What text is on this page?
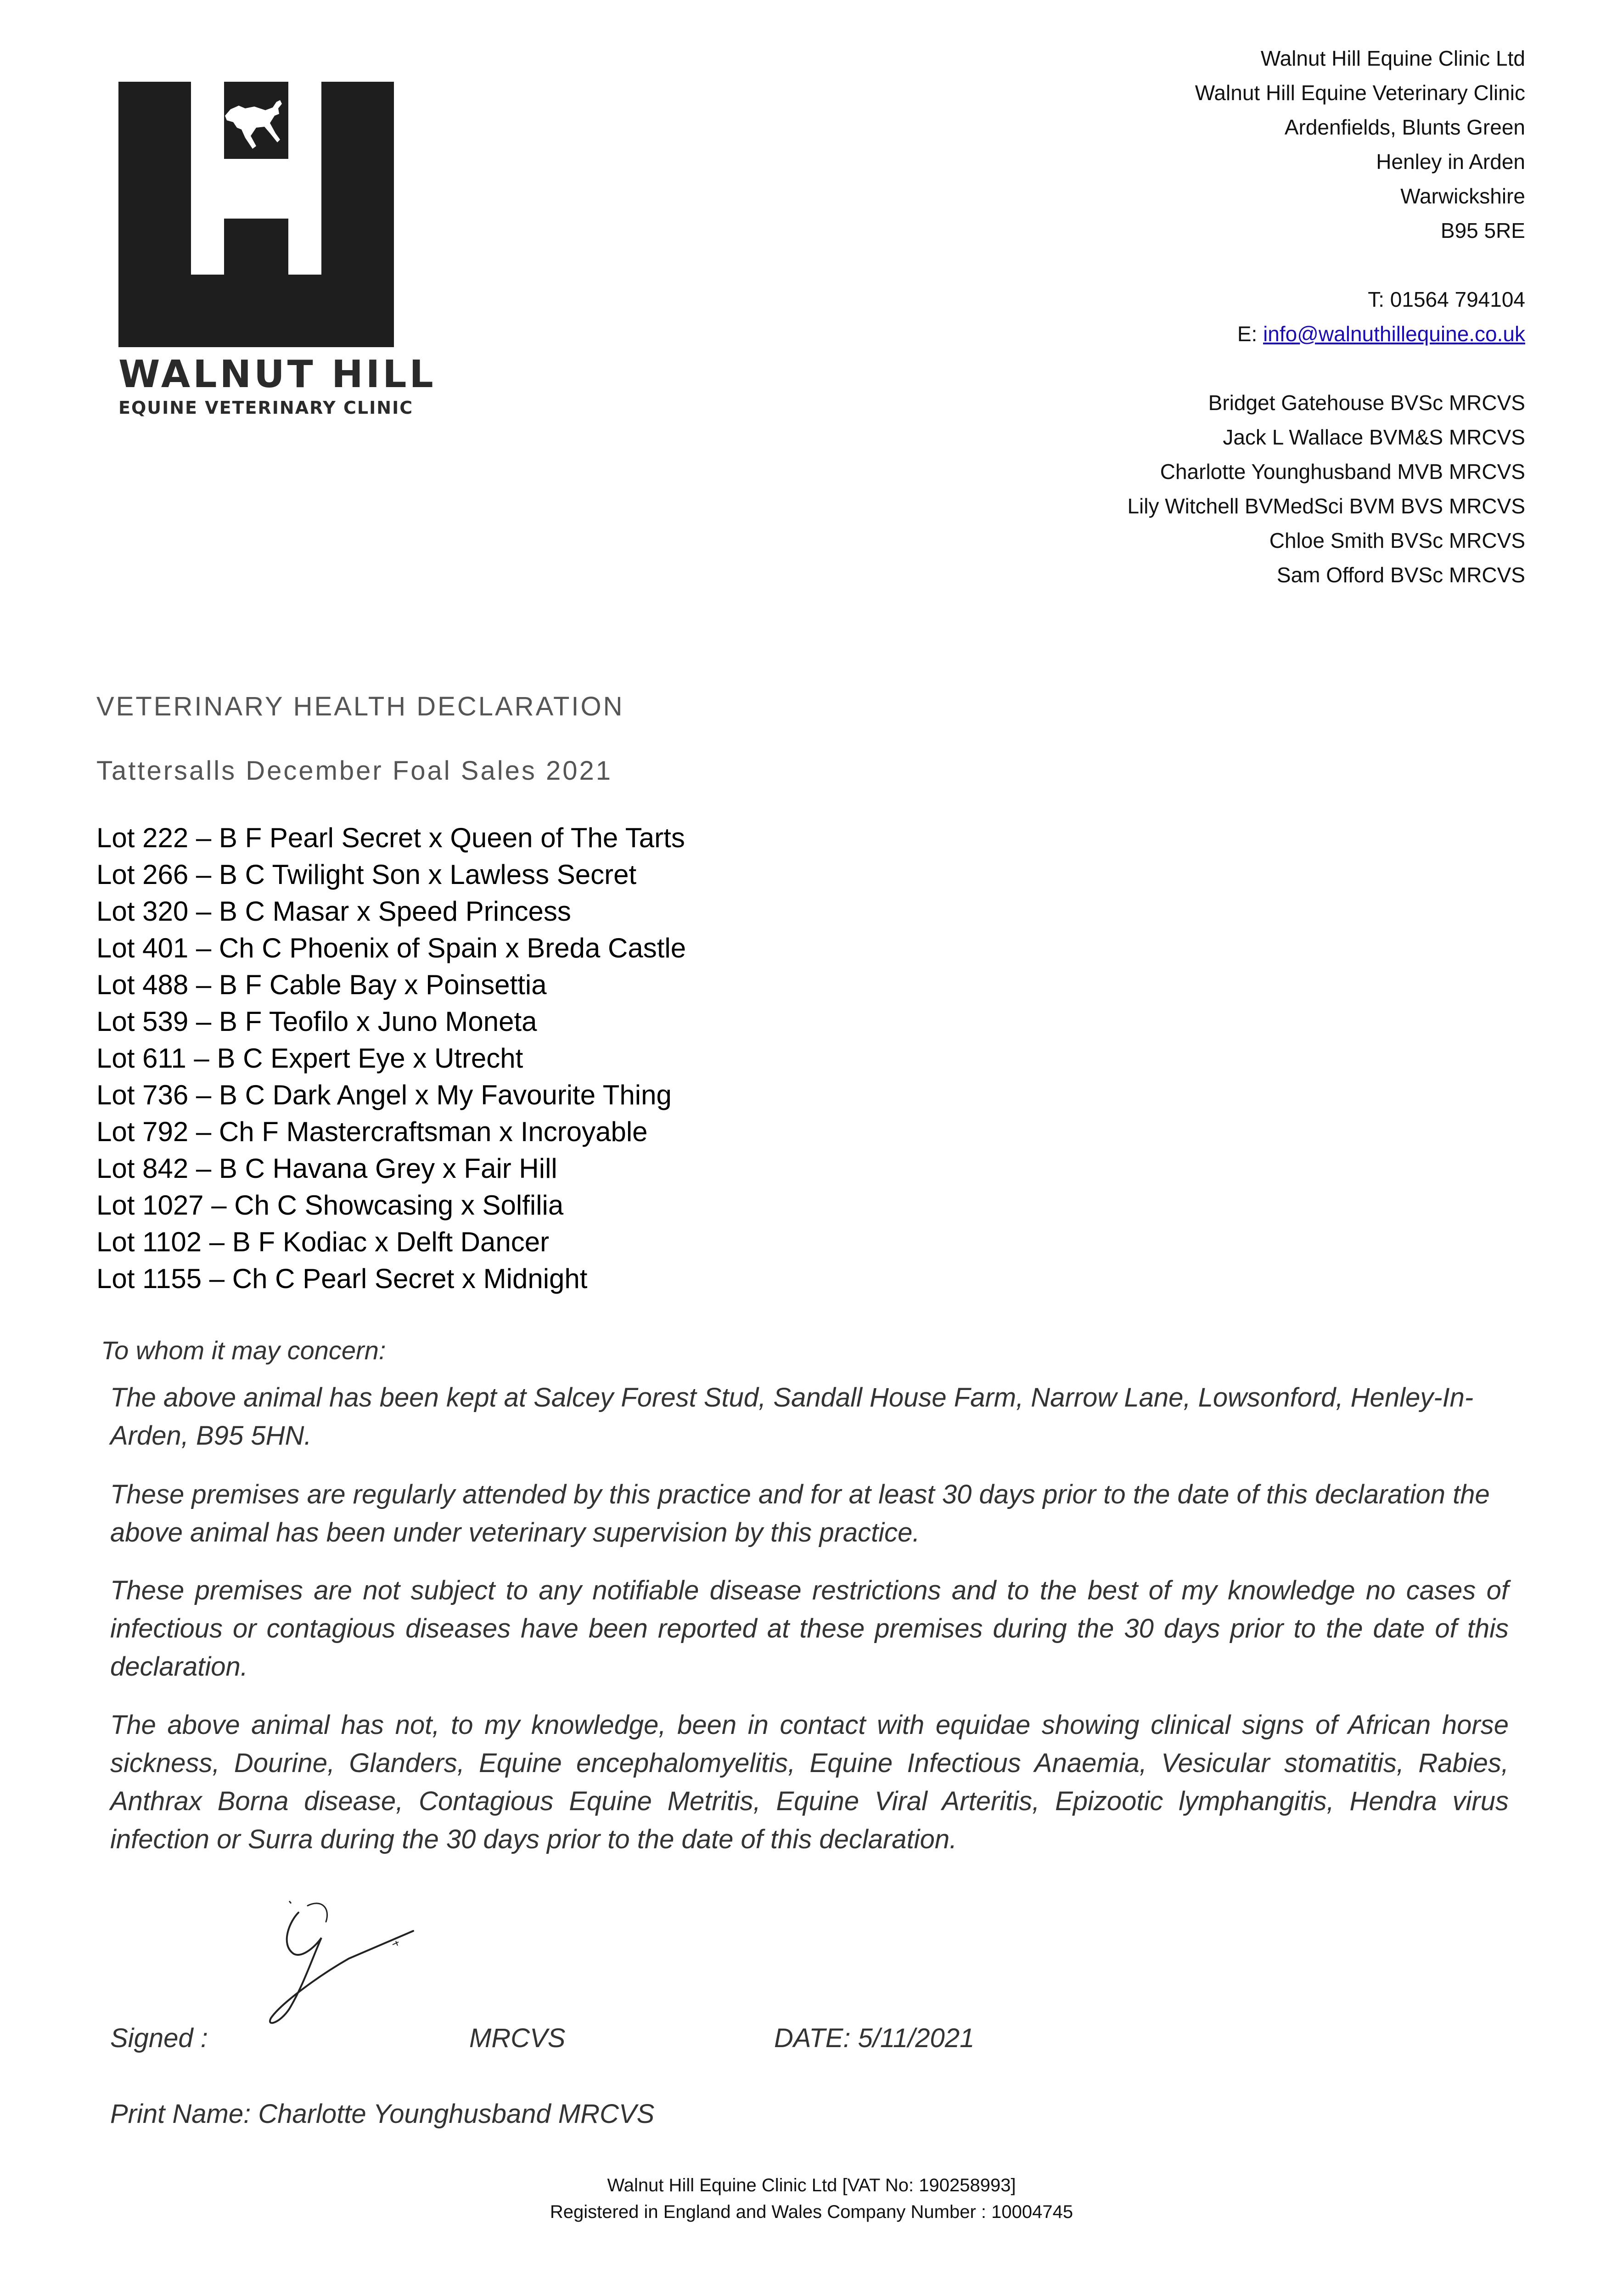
WALNUT HILL
EQUINE VETERINARY CLINIC
Walnut Hill Equine Clinic Ltd
Walnut Hill Equine Veterinary Clinic
Ardenfields, Blunts Green
Henley in Arden
Warwickshire
B95 5RE
T: 01564 794104
E: info@walnuthillequine.co.uk
Bridget Gatehouse BVSc MRCVS
Jack L Wallace BVM&S MRCVS
Charlotte Younghusband MVB MRCVS
Lily Witchell BVMedSci BVM BVS MRCVS
Chloe Smith BVSc MRCVS
Sam Offord BVSc MRCVS
VETERINARY HEALTH DECLARATION
Tattersalls December Foal Sales 2021
Lot 222 – B F Pearl Secret x Queen of The Tarts
Lot 266 – B C Twilight Son x Lawless Secret
Lot 320 – B C Masar x Speed Princess
Lot 401 – Ch C Phoenix of Spain x Breda Castle
Lot 488 – B F Cable Bay x Poinsettia
Lot 539 – B F Teofilo x Juno Moneta
Lot 611 – B C Expert Eye x Utrecht
Lot 736 – B C Dark Angel x My Favourite Thing
Lot 792 – Ch F Mastercraftsman x Incroyable
Lot 842 – B C Havana Grey x Fair Hill
Lot 1027 – Ch C Showcasing x Solfilia
Lot 1102 – B F Kodiac x Delft Dancer
Lot 1155 – Ch C Pearl Secret x Midnight
To whom it may concern:
The above animal has been kept at Salcey Forest Stud, Sandall House Farm, Narrow Lane, Lowsonford, Henley-In-Arden, B95 5HN.
These premises are regularly attended by this practice and for at least 30 days prior to the date of this declaration the above animal has been under veterinary supervision by this practice.
These premises are not subject to any notifiable disease restrictions and to the best of my knowledge no cases of infectious or contagious diseases have been reported at these premises during the 30 days prior to the date of this declaration.
The above animal has not, to my knowledge, been in contact with equidae showing clinical signs of African horse sickness, Dourine, Glanders, Equine encephalomyelitis, Equine Infectious Anaemia, Vesicular stomatitis, Rabies, Anthrax Borna disease, Contagious Equine Metritis, Equine Viral Arteritis, Epizootic lymphangitis, Hendra virus infection or Surra during the 30 days prior to the date of this declaration.
Signed :	MRCVS	DATE: 5/11/2021
Print Name: Charlotte Younghusband MRCVS
Walnut Hill Equine Clinic Ltd [VAT No: 190258993]
Registered in England and Wales Company Number : 10004745
